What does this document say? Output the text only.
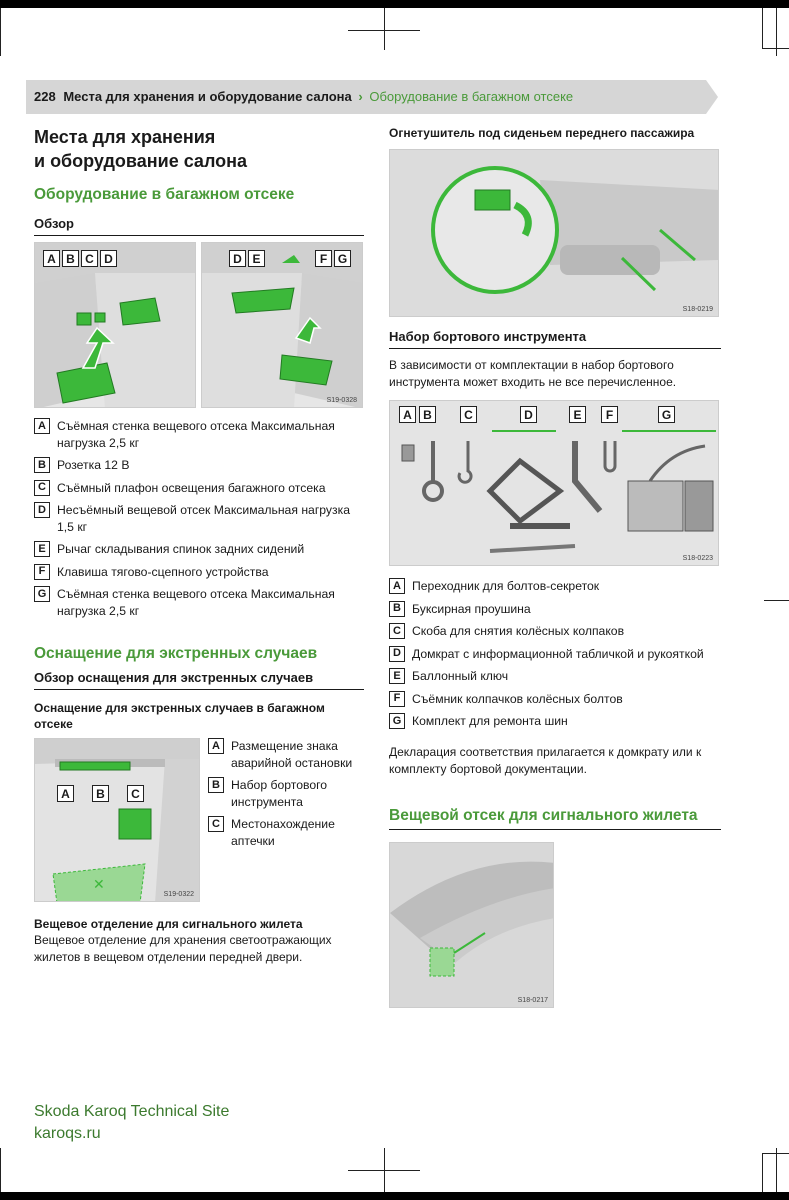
228 Места для хранения и оборудование салона › Оборудование в багажном отсеке
Места для хранения
и оборудование салона
Оборудование в багажном отсеке
Обзор
A B C D	D E	F G
S19-0328
A Съёмная стенка вещевого отсека Максимальная нагрузка 2,5 кг
B Розетка 12 В
C Съёмный плафон освещения багажного отсека
D Несъёмный вещевой отсек Максимальная нагрузка 1,5 кг
E Рычаг складывания спинок задних сидений
F Клавиша тягово-сцепного устройства
G Съёмная стенка вещевого отсека Максимальная нагрузка 2,5 кг
Оснащение для экстренных случаев
Обзор оснащения для экстренных случаев
Оснащение для экстренных случаев в багажном отсеке
✕
A	B	C
S19-0322
A Размещение знака аварийной остановки
B Набор бортового инструмента
C Местонахождение аптечки
Вещевое отделение для сигнального жилета

Вещевое отделение для хранения светоотражающих жилетов в вещевом отделении передней двери.

Огнетушитель под сиденьем переднего пассажира
S18-0219
Набор бортового инструмента

В зависимости от комплектации в набор бортового инструмента может входить не все перечисленное.

A B	C	D	E	F	G
S18-0223
A Переходник для болтов-секреток
B Буксирная проушина
C Скоба для снятия колёсных колпаков
D Домкрат с информационной табличкой и рукояткой
E Баллонный ключ
F Съёмник колпачков колёсных болтов
G Комплект для ремонта шин

Декларация соответствия прилагается к домкрату или к комплекту бортовой документации.

Вещевой отсек для сигнального жилета
S18-0217
Skoda Karoq Technical Site
karoqs.ru
